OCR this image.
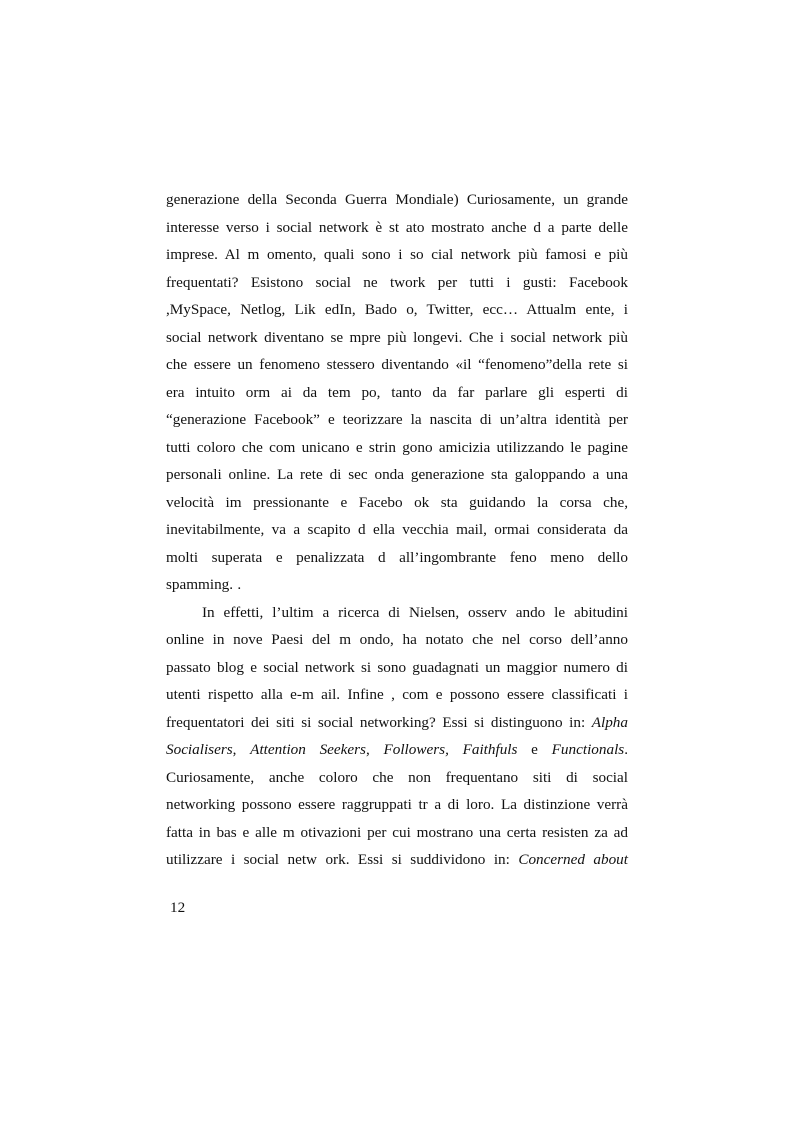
generazione della Seconda Guerra Mondiale) Curiosamente, un grande
interesse verso i social network è st ato mostrato anche d a parte delle
imprese. Al m omento, quali sono i so cial network più famosi e più
frequentati? Esistono social ne twork per tutti i gusti: Facebook
,MySpace, Netlog, Lik edIn, Bado o, Twitter, ecc… Attualm ente, i
social network diventano se mpre più longevi. Che i social network più
che essere un fenomeno stessero diventando «il “fenomeno”della rete si
era intuito orm ai da tem po, tanto da far parlare gli esperti di
“generazione Facebook” e teorizzare la nascita di un’altra identità per
tutti coloro che com unicano e strin gono amicizia utilizzando le pagine
personali online. La rete di sec onda generazione sta galoppando a una
velocità im pressionante e Facebo ok sta guidando la corsa che,
inevitabilmente, va a scapito d ella vecchia mail, ormai considerata da
molti superata e penalizzata d all’ingombrante feno meno dello
spamming. .
In effetti, l’ultim a ricerca di Nielsen, osserv ando le abitudini
online in nove Paesi del m ondo, ha notato che nel corso dell’anno
passato blog e social network si sono guadagnati un maggior numero di
utenti rispetto alla e-m ail. Infine , com e possono essere classificati i
frequentatori dei siti si social networking? Essi si distinguono in: Alpha
Socialisers, Attention Seekers, Followers, Faithfuls e Functionals.
Curiosamente, anche coloro che non frequentano siti di social
networking possono essere raggruppati tr a di loro. La distinzione verrà
fatta in bas e alle m otivazioni per cui mostrano una certa resisten za ad
utilizzare i social netw ork. Essi si suddividono in: Concerned about
12
